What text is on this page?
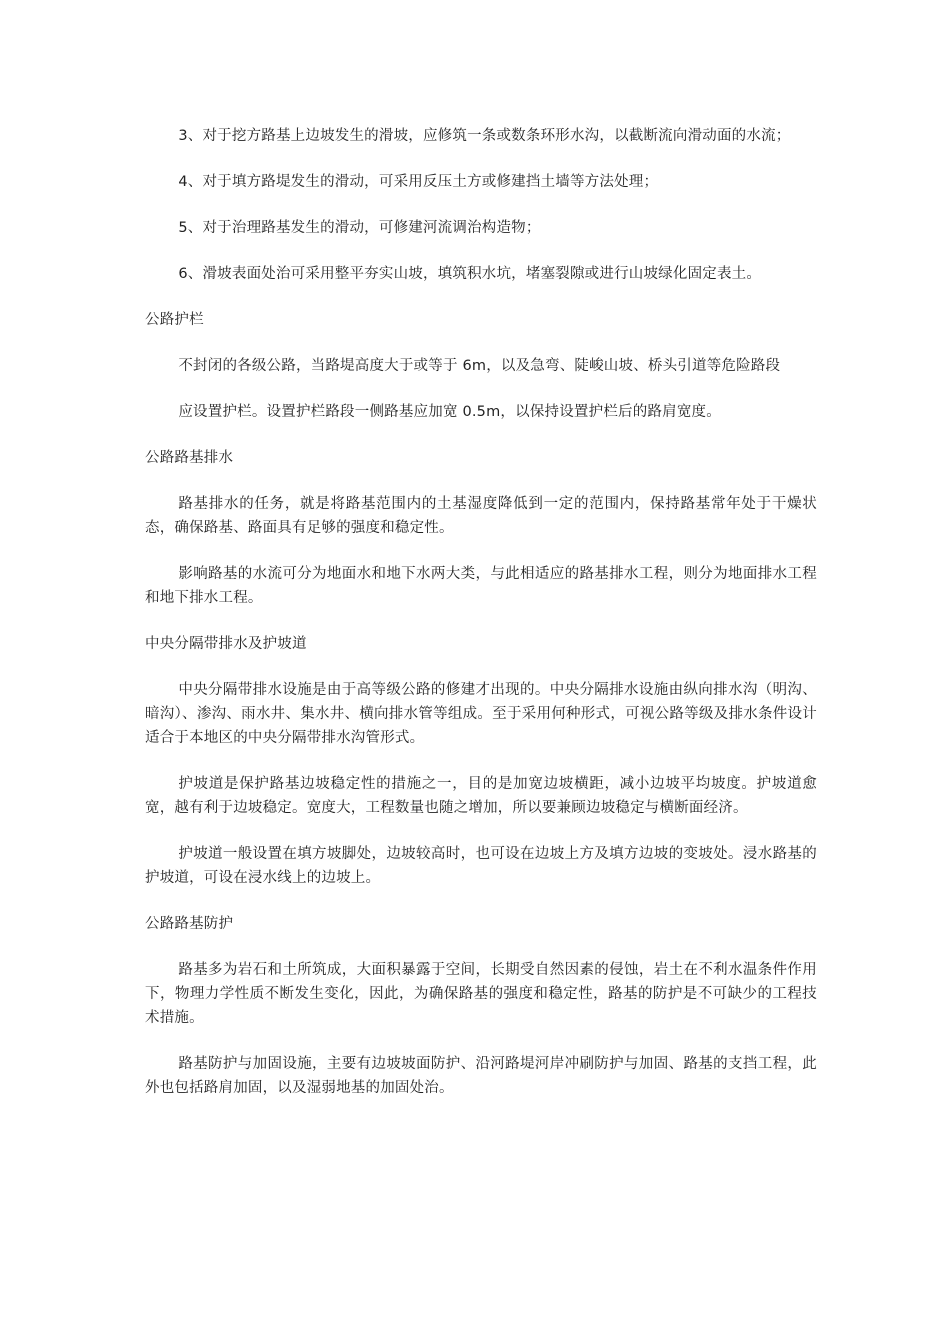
3、对于挖方路基上边坡发生的滑坡，应修筑一条或数条环形水沟，以截断流向滑动面的水流；

4、对于填方路堤发生的滑动，可采用反压土方或修建挡土墙等方法处理；

5、对于治理路基发生的滑动，可修建河流调治构造物；

6、滑坡表面处治可采用整平夯实山坡，填筑积水坑，堵塞裂隙或进行山坡绿化固定表土。

公路护栏

不封闭的各级公路，当路堤高度大于或等于 6m，以及急弯、陡峻山坡、桥头引道等危险路段

应设置护栏。设置护栏路段一侧路基应加宽 0.5m，以保持设置护栏后的路肩宽度。

公路路基排水

路基排水的任务，就是将路基范围内的土基湿度降低到一定的范围内，保持路基常年处于干燥状态，确保路基、路面具有足够的强度和稳定性。

影响路基的水流可分为地面水和地下水两大类，与此相适应的路基排水工程，则分为地面排水工程和地下排水工程。

中央分隔带排水及护坡道

中央分隔带排水设施是由于高等级公路的修建才出现的。中央分隔排水设施由纵向排水沟（明沟、暗沟）、渗沟、雨水井、集水井、横向排水管等组成。至于采用何种形式，可视公路等级及排水条件设计适合于本地区的中央分隔带排水沟管形式。

护坡道是保护路基边坡稳定性的措施之一，目的是加宽边坡横距，减小边坡平均坡度。护坡道愈宽，越有利于边坡稳定。宽度大，工程数量也随之增加，所以要兼顾边坡稳定与横断面经济。

护坡道一般设置在填方坡脚处，边坡较高时，也可设在边坡上方及填方边坡的变坡处。浸水路基的护坡道，可设在浸水线上的边坡上。

公路路基防护

路基多为岩石和土所筑成，大面积暴露于空间，长期受自然因素的侵蚀，岩土在不利水温条件作用下，物理力学性质不断发生变化，因此，为确保路基的强度和稳定性，路基的防护是不可缺少的工程技术措施。

路基防护与加固设施，主要有边坡坡面防护、沿河路堤河岸冲刷防护与加固、路基的支挡工程，此外也包括路肩加固，以及湿弱地基的加固处治。
